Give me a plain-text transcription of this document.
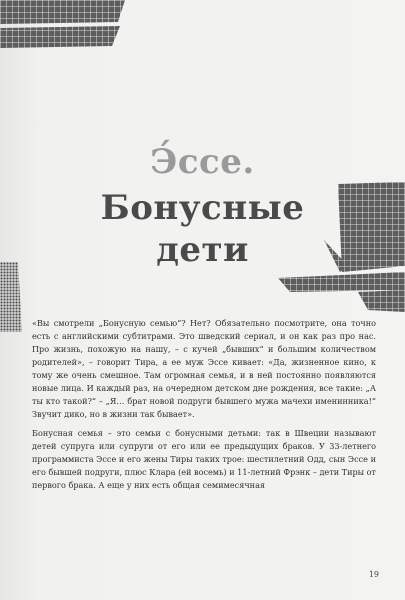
Э́ссе.
Бонусные
дети

«Вы смотрели „Бонусную семью“? Нет? Обязательно посмотрите, она точно есть с английскими субтитрами. Это шведский сериал, и он как раз про нас. Про жизнь, похожую на нашу, – с кучей „бывших“ и большим количеством родителей», – говорит Тира, а ее муж Эссе кивает: «Да, жизненное кино, к тому же очень смешное. Там огромная семья, и в ней постоянно появляются новые лица. И каждый раз, на очередном детском дне рождения, все такие: „А ты кто такой?“ – „Я… брат новой подруги бывшего мужа мачехи именинника!“ Звучит дико, но в жизни так бывает».

Бонусная семья – это семьи с бонусными детьми: так в Швеции называют детей супруга или супруги от его или ее предыдущих браков. У 33-летнего программиста Эссе и его жены Тиры таких трое: шестилетний Одд, сын Эссе и его бывшей подруги, плюс Клара (ей восемь) и 11-летний Фрэнк – дети Тиры от первого брака. А еще у них есть общая семимесячная

19
